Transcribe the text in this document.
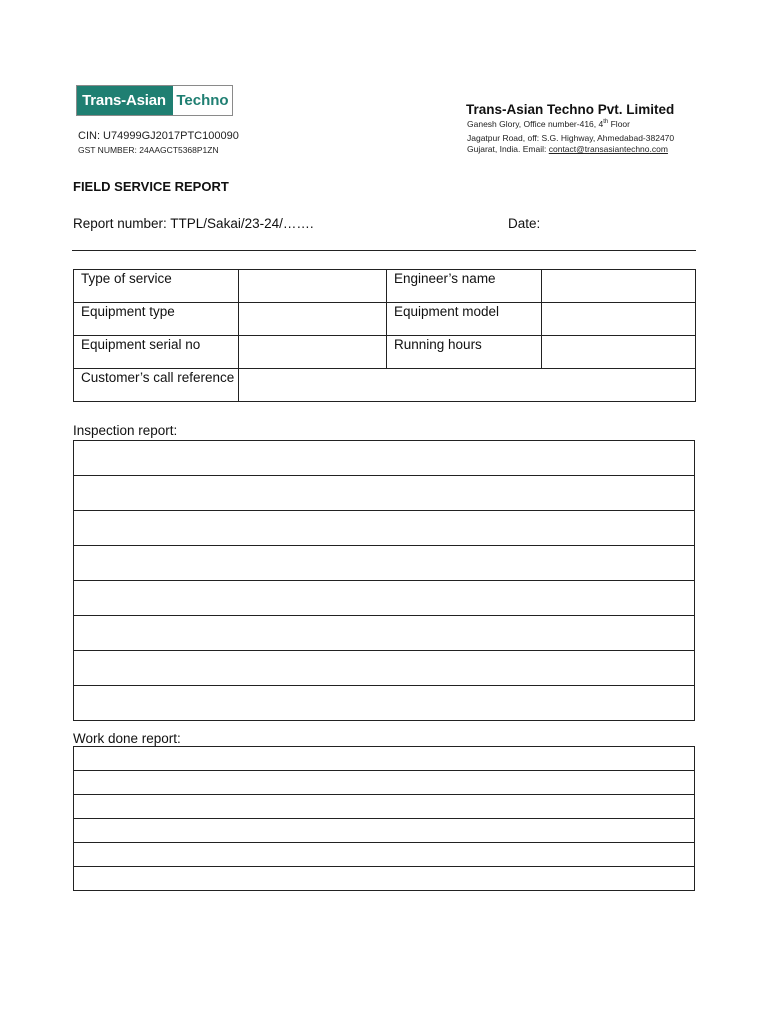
Trans-Asian Techno
CIN: U74999GJ2017PTC100090
GST NUMBER: 24AAGCT5368P1ZN
Trans-Asian Techno Pvt. Limited
Ganesh Glory, Office number-416, 4th Floor
Jagatpur Road, off: S.G. Highway, Ahmedabad-382470
Gujarat, India. Email: contact@transasiantechno.com
FIELD SERVICE REPORT
Report number: TTPL/Sakai/23-24/…….	Date:
Type of service		Engineer’s name	

Equipment type		Equipment model	

Equipment serial no		Running hours	

Customer’s call reference			

Inspection report:

Work done report:
